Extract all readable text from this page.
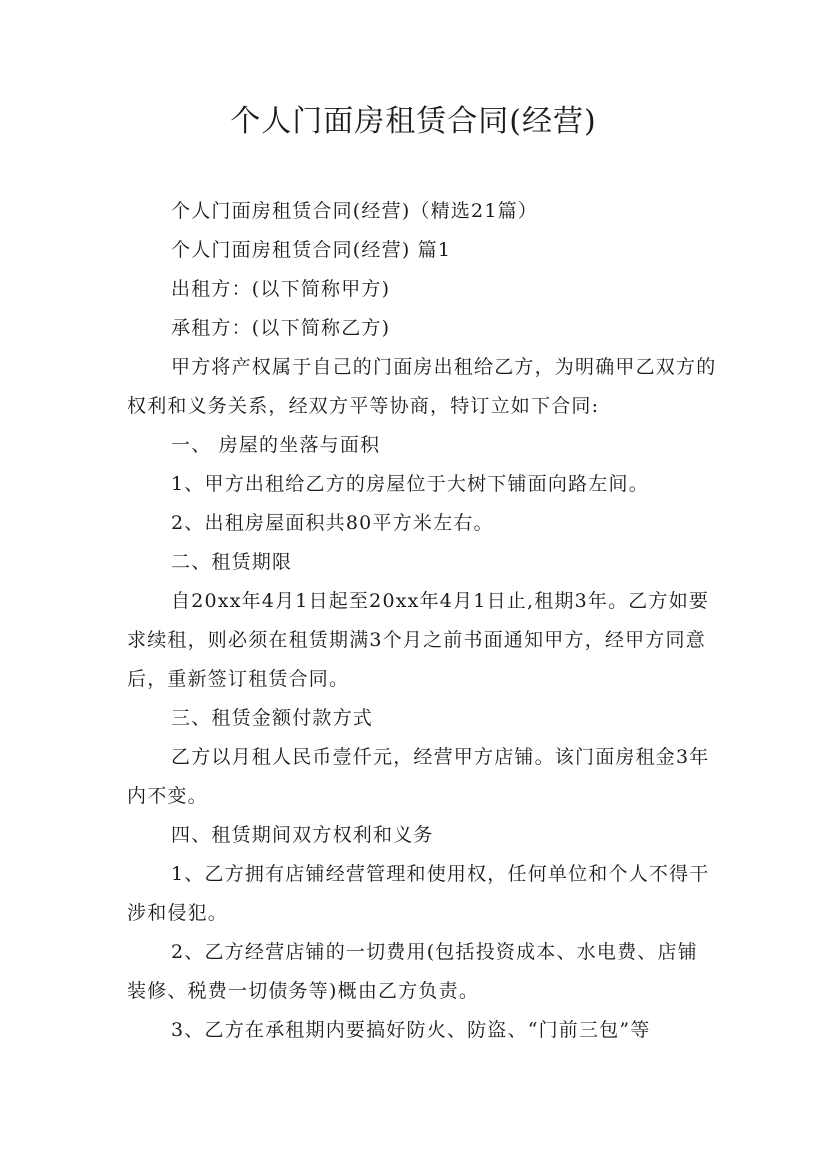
个人门面房租赁合同(经营)

个人门面房租赁合同(经营)（精选21篇）

个人门面房租赁合同(经营) 篇1

出租方：(以下简称甲方)

承租方：(以下简称乙方)

甲方将产权属于自己的门面房出租给乙方，为明确甲乙双方的权利和义务关系，经双方平等协商，特订立如下合同:

一、 房屋的坐落与面积

1、甲方出租给乙方的房屋位于大树下铺面向路左间。

2、出租房屋面积共80平方米左右。

二、租赁期限

自20xx年4月1日起至20xx年4月1日止,租期3年。乙方如要求续租，则必须在租赁期满3个月之前书面通知甲方，经甲方同意后，重新签订租赁合同。

三、租赁金额付款方式

乙方以月租人民币壹仟元，经营甲方店铺。该门面房租金3年内不变。

四、租赁期间双方权利和义务

1、乙方拥有店铺经营管理和使用权，任何单位和个人不得干涉和侵犯。

2、乙方经营店铺的一切费用(包括投资成本、水电费、店铺装修、税费一切债务等)概由乙方负责。

3、乙方在承租期内要搞好防火、防盗、“门前三包”等
